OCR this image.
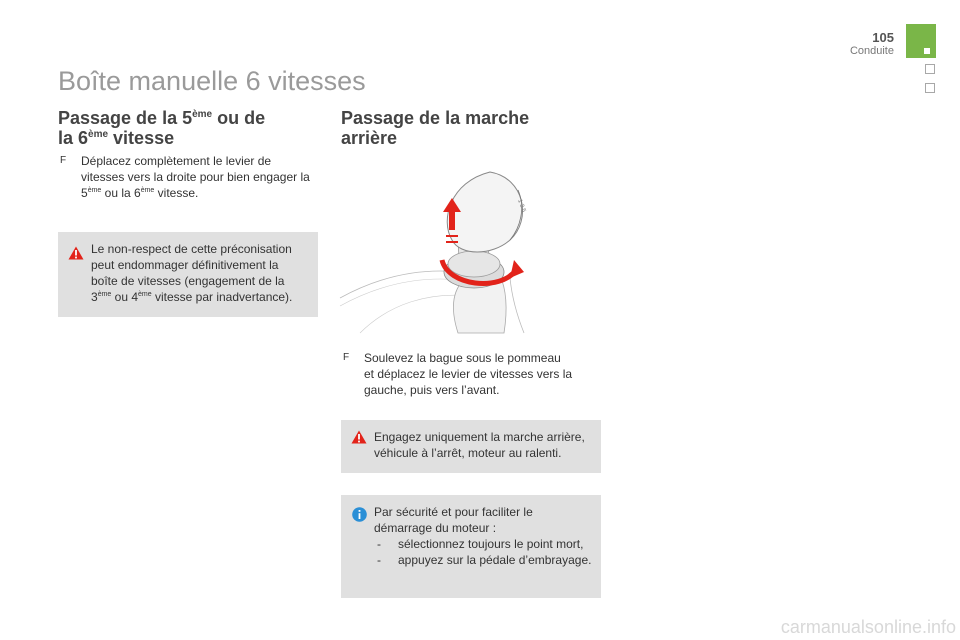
105
Conduite
Boîte manuelle 6 vitesses
Passage de la 5ème ou de
la 6ème vitesse
F Déplacez complètement le levier de
vitesses vers la droite pour bien engager la
5ème ou la 6ème vitesse.
Le non-respect de cette préconisation
peut endommager définitivement la
boîte de vitesses (engagement de la
3ème ou 4ème vitesse par inadvertance).
Passage de la marche
arrière
1 3 5
F Soulevez la bague sous le pommeau
et déplacez le levier de vitesses vers la
gauche, puis vers l’avant.
Engagez uniquement la marche arrière,
véhicule à l’arrêt, moteur au ralenti.
Par sécurité et pour faciliter le
démarrage du moteur :
- sélectionnez toujours le point mort,
- appuyez sur la pédale d’embrayage.
carmanualsonline.info
